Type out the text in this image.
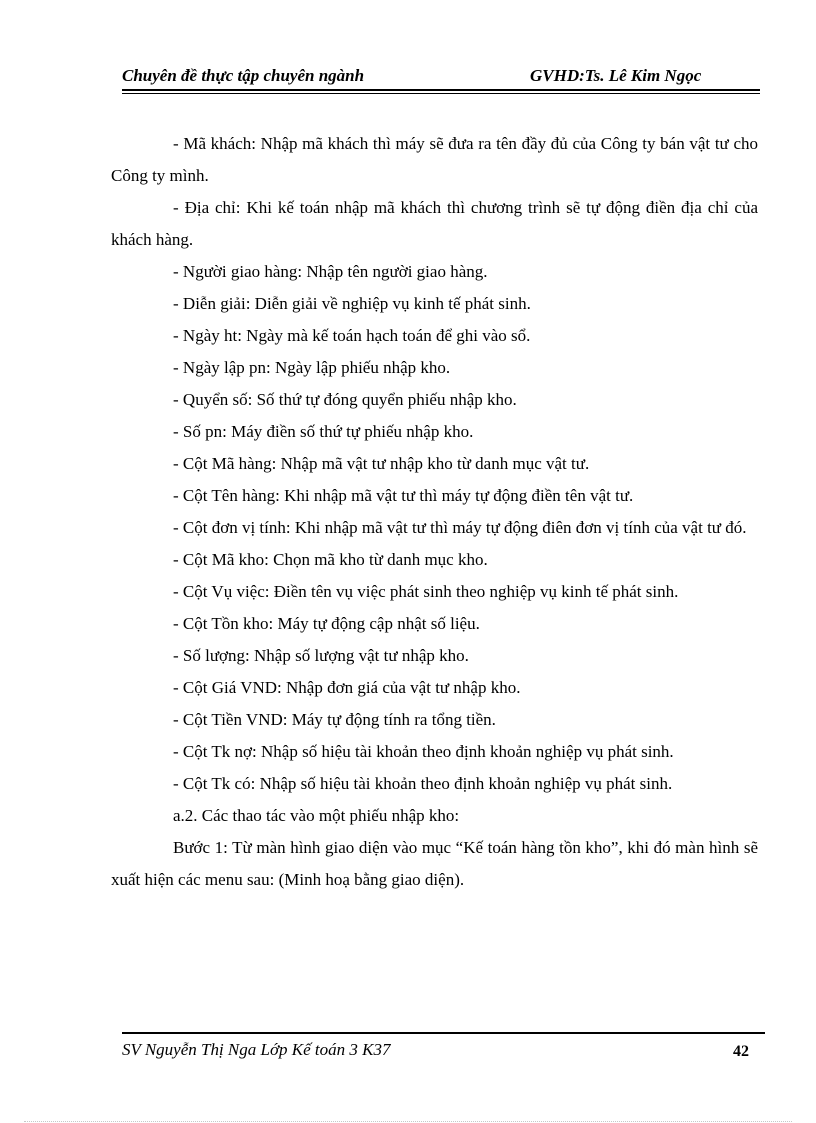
Chuyên đề thực tập chuyên ngành	GVHD:Ts. Lê Kim Ngọc

- Mã khách: Nhập mã khách thì máy sẽ đưa ra tên đầy đủ của Công ty bán vật tư cho Công ty mình.

- Địa chỉ: Khi kế toán nhập mã khách thì chương trình sẽ tự động điền địa chỉ của khách hàng.

- Người giao hàng: Nhập tên người giao hàng.

- Diễn giải: Diễn giải về nghiệp vụ kinh tế phát sinh.

- Ngày ht: Ngày mà kế toán hạch toán để ghi vào sổ.

- Ngày lập pn: Ngày lập phiếu nhập kho.

- Quyển số: Số thứ tự đóng quyển phiếu nhập kho.

- Số pn: Máy điền số thứ tự phiếu nhập kho.

- Cột Mã hàng: Nhập mã vật tư nhập kho từ danh mục vật tư.

- Cột Tên hàng: Khi nhập mã vật tư thì máy tự động điền tên vật tư.

- Cột đơn vị tính: Khi nhập mã vật tư thì máy tự động điên đơn vị tính của vật tư đó.

- Cột Mã kho: Chọn mã kho từ danh mục kho.

- Cột Vụ việc: Điền tên vụ việc phát sinh theo nghiệp vụ kinh tế phát sinh.

- Cột Tồn kho: Máy tự động cập nhật số liệu.

- Số lượng: Nhập số lượng vật tư nhập kho.

- Cột Giá VND: Nhập đơn giá của vật tư nhập kho.

- Cột Tiền VND: Máy tự động tính ra tổng tiền.

- Cột Tk nợ: Nhập số hiệu tài khoản theo định khoản nghiệp vụ phát sinh.

- Cột Tk có: Nhập số hiệu tài khoản theo định khoản nghiệp vụ phát sinh.

a.2. Các thao tác vào một phiếu nhập kho:

Bước 1: Từ màn hình giao diện vào mục “Kế toán hàng tồn kho”, khi đó màn hình sẽ xuất hiện các menu sau: (Minh hoạ bằng giao diện).

SV Nguyễn Thị Nga Lớp Kế toán 3 K37	42
